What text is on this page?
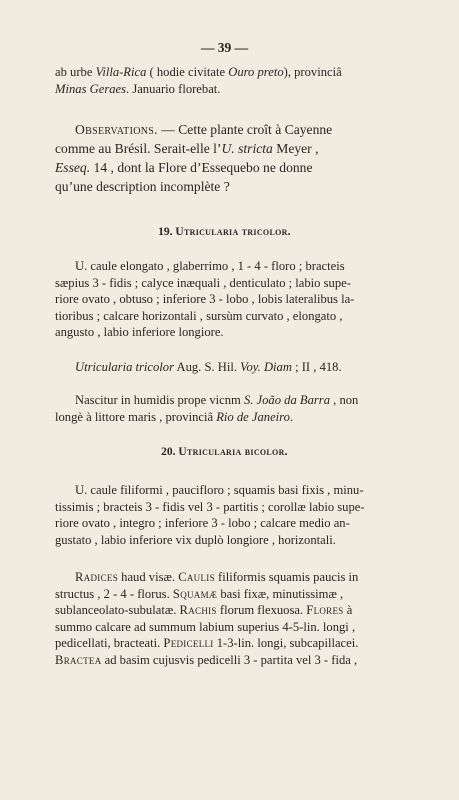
— 39 —
ab urbe Villa-Rica ( hodie civitate Ouro preto), provinciâ
Minas Geraes. Januario florebat.
Observations. — Cette plante croît à Cayenne
comme au Brésil. Serait-elle l’U. stricta Meyer ,
Esseq. 14 , dont la Flore d’Essequebo ne donne
qu’une description incomplète ?
19. Utricularia tricolor.
U. caule elongato , glaberrimo , 1 - 4 - floro ; bracteis
sæpius 3 - fidis ; calyce inæquali , denticulato ; labio supe-
riore ovato , obtuso ; inferiore 3 - lobo , lobis lateralibus la-
tioribus ; calcare horizontali , sursùm curvato , elongato ,
angusto , labio inferiore longiore.
Utricularia tricolor Aug. S. Hil. Voy. Diam ; II , 418.
Nascitur in humidis prope vicnm S. João da Barra , non
longè à littore maris , provinciâ Rio de Janeiro.
20. Utricularia bicolor.
U. caule filiformi , paucifloro ; squamis basi fixis , minu-
tissimis ; bracteis 3 - fidis vel 3 - partitis ; corollæ labio supe-
riore ovato , integro ; inferiore 3 - lobo ; calcare medio an-
gustato , labio inferiore vix duplò longiore , horizontali.
Radices haud visæ. Caulis filiformis squamis paucis in
structus , 2 - 4 - florus. Squamæ basi fixæ, minutissimæ ,
sublanceolato-subulatæ. Rachis florum flexuosa. Flores à
summo calcare ad summum labium superius 4-5-lin. longi ,
pedicellati, bracteati. Pedicelli 1-3-lin. longi, subcapillacei.
Bractea ad basim cujusvis pedicelli 3 - partita vel 3 - fida ,
